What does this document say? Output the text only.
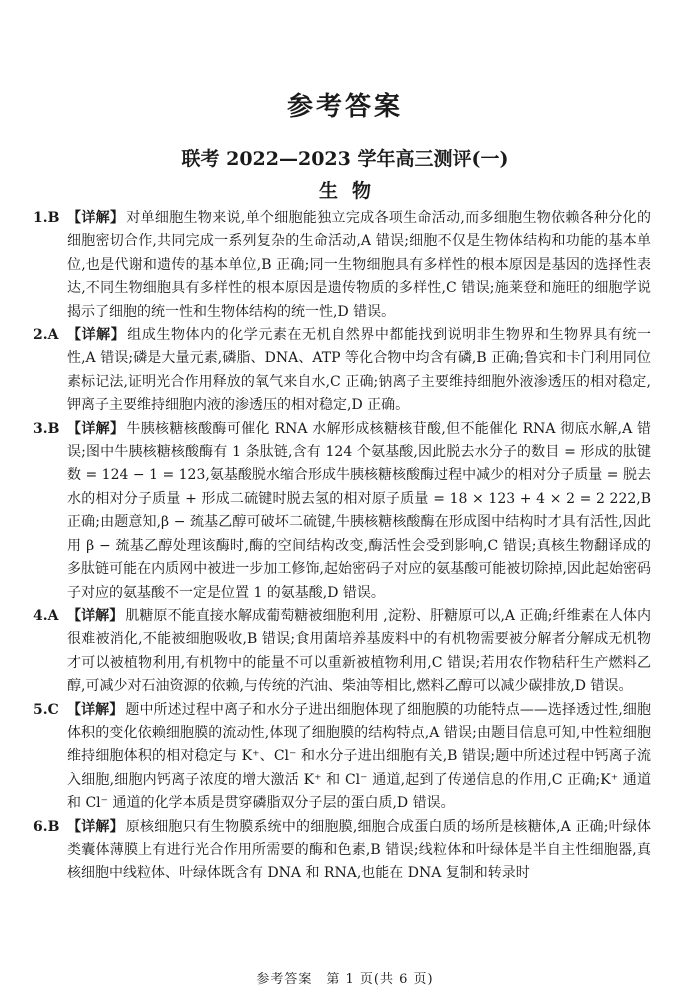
参考答案
联考 2022—2023 学年高三测评(一)
生物
1.B 【详解】 对单细胞生物来说,单个细胞能独立完成各项生命活动,而多细胞生物依赖各种分化的细胞密切合作,共同完成一系列复杂的生命活动,A 错误;细胞不仅是生物体结构和功能的基本单位,也是代谢和遗传的基本单位,B 正确;同一生物细胞具有多样性的根本原因是基因的选择性表达,不同生物细胞具有多样性的根本原因是遗传物质的多样性,C 错误;施莱登和施旺的细胞学说揭示了细胞的统一性和生物体结构的统一性,D 错误。
2.A 【详解】 组成生物体内的化学元素在无机自然界中都能找到说明非生物界和生物界具有统一性,A 错误;磷是大量元素,磷脂、DNA、ATP 等化合物中均含有磷,B 正确;鲁宾和卡门利用同位素标记法,证明光合作用释放的氧气来自水,C 正确;钠离子主要维持细胞外液渗透压的相对稳定,钾离子主要维持细胞内液的渗透压的相对稳定,D 正确。
3.B 【详解】 牛胰核糖核酸酶可催化 RNA 水解形成核糖核苷酸,但不能催化 RNA 彻底水解,A 错误;图中牛胰核糖核酸酶有 1 条肽链,含有 124 个氨基酸,因此脱去水分子的数目 = 形成的肽键数 = 124 − 1 = 123,氨基酸脱水缩合形成牛胰核糖核酸酶过程中减少的相对分子质量 = 脱去水的相对分子质量 + 形成二硫键时脱去氢的相对原子质量 = 18 × 123 + 4 × 2 = 2 222,B 正确;由题意知,β − 巯基乙醇可破坏二硫键,牛胰核糖核酸酶在形成图中结构时才具有活性,因此用 β − 巯基乙醇处理该酶时,酶的空间结构改变,酶活性会受到影响,C 错误;真核生物翻译成的多肽链可能在内质网中被进一步加工修饰,起始密码子对应的氨基酸可能被切除掉,因此起始密码子对应的氨基酸不一定是位置 1 的氨基酸,D 错误。
4.A 【详解】 肌糖原不能直接水解成葡萄糖被细胞利用 ,淀粉、肝糖原可以,A 正确;纤维素在人体内很难被消化,不能被细胞吸收,B 错误;食用菌培养基废料中的有机物需要被分解者分解成无机物才可以被植物利用,有机物中的能量不可以重新被植物利用,C 错误;若用农作物秸秆生产燃料乙醇,可减少对石油资源的依赖,与传统的汽油、柴油等相比,燃料乙醇可以减少碳排放,D 错误。
5.C 【详解】 题中所述过程中离子和水分子进出细胞体现了细胞膜的功能特点——选择透过性,细胞体积的变化依赖细胞膜的流动性,体现了细胞膜的结构特点,A 错误;由题目信息可知,中性粒细胞维持细胞体积的相对稳定与 K⁺、Cl⁻ 和水分子进出细胞有关,B 错误;题中所述过程中钙离子流入细胞,细胞内钙离子浓度的增大激活 K⁺ 和 Cl⁻ 通道,起到了传递信息的作用,C 正确;K⁺ 通道和 Cl⁻ 通道的化学本质是贯穿磷脂双分子层的蛋白质,D 错误。
6.B 【详解】 原核细胞只有生物膜系统中的细胞膜,细胞合成蛋白质的场所是核糖体,A 正确;叶绿体类囊体薄膜上有进行光合作用所需要的酶和色素,B 错误;线粒体和叶绿体是半自主性细胞器,真核细胞中线粒体、叶绿体既含有 DNA 和 RNA,也能在 DNA 复制和转录时
参考答案　第 1 页(共 6 页)
